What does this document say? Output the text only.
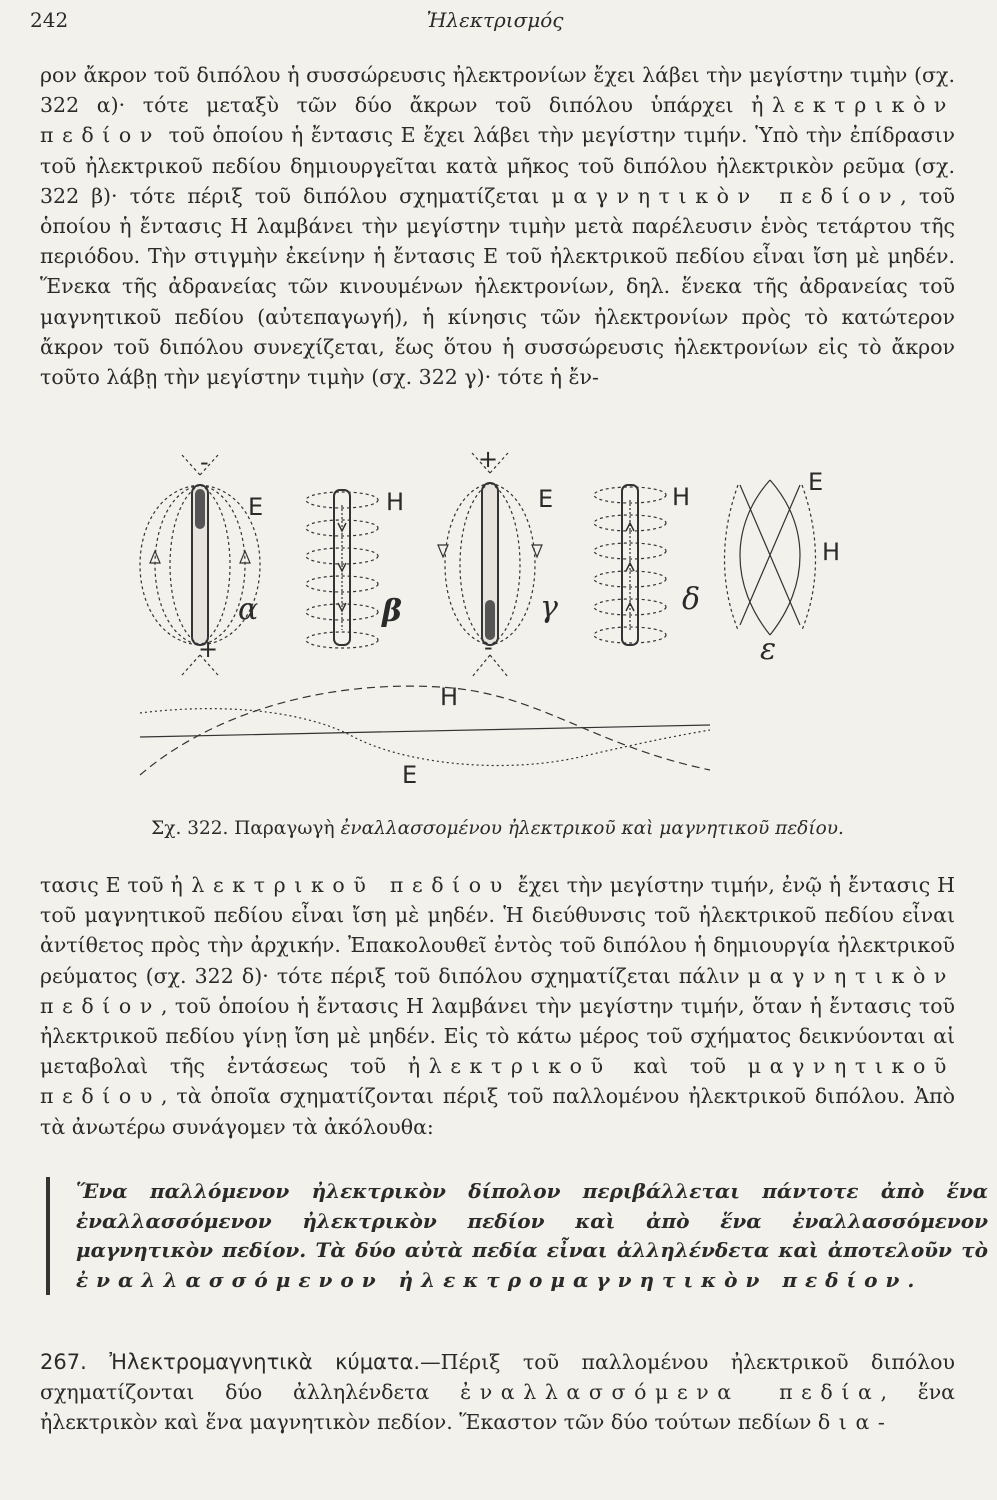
242	Ἠλεκτρισμός

ρον ἄκρον τοῦ διπόλου ἡ συσσώρευσις ἠλεκτρονίων ἔχει λάβει τὴν μεγίστην τιμὴν (σχ. 322 α)· τότε μεταξὺ τῶν δύο ἄκρων τοῦ διπόλου ὑπάρχει ἠλεκτρικὸν πεδίον τοῦ ὁποίου ἡ ἔντασις Ε ἔχει λάβει τὴν μεγίστην τιμήν. Ὑπὸ τὴν ἐπίδρασιν τοῦ ἠλεκτρικοῦ πεδίου δημιουργεῖται κατὰ μῆκος τοῦ διπόλου ἠλεκτρικὸν ρεῦμα (σχ. 322 β)· τότε πέριξ τοῦ διπόλου σχηματίζεται μαγνητικὸν πεδίον, τοῦ ὁποίου ἡ ἔντασις Η λαμβάνει τὴν μεγίστην τιμὴν μετὰ παρέλευσιν ἑνὸς τετάρτου τῆς περιόδου. Τὴν στιγμὴν ἐκείνην ἡ ἔντασις Ε τοῦ ἠλεκτρικοῦ πεδίου εἶναι ἴση μὲ μηδέν. Ἕνεκα τῆς ἀδρανείας τῶν κινουμένων ἠλεκτρονίων, δηλ. ἕνεκα τῆς ἀδρανείας τοῦ μαγνητικοῦ πεδίου (αὐτεπαγωγή), ἡ κίνησις τῶν ἠλεκτρονίων πρὸς τὸ κατώτερον ἄκρον τοῦ διπόλου συνεχίζεται, ἕως ὅτου ἡ συσσώρευσις ἠλεκτρονίων εἰς τὸ ἄκρον τοῦτο λάβῃ τὴν μεγίστην τιμὴν (σχ. 322 γ)· τότε ἡ ἔν-

-
+
Ε
α
Η
β
+
-
Ε
γ
Η
δ
Ε
Η
ε
Η
Ε
Σχ. 322. Παραγωγὴ ἐναλλασσομένου ἠλεκτρικοῦ καὶ μαγνητικοῦ πεδίου.

τασις Ε τοῦ ἠλεκτρικοῦ πεδίου ἔχει τὴν μεγίστην τιμήν, ἐνῷ ἡ ἔντασις Η τοῦ μαγνητικοῦ πεδίου εἶναι ἴση μὲ μηδέν. Ἡ διεύθυνσις τοῦ ἠλεκτρικοῦ πεδίου εἶναι ἀντίθετος πρὸς τὴν ἀρχικήν. Ἐπακολουθεῖ ἐντὸς τοῦ διπόλου ἡ δημιουργία ἠλεκτρικοῦ ρεύματος (σχ. 322 δ)· τότε πέριξ τοῦ διπόλου σχηματίζεται πάλιν μαγνητικὸν πεδίον, τοῦ ὁποίου ἡ ἔντασις Η λαμβάνει τὴν μεγίστην τιμήν, ὅταν ἡ ἔντασις τοῦ ἠλεκτρικοῦ πεδίου γίνῃ ἴση μὲ μηδέν. Εἰς τὸ κάτω μέρος τοῦ σχήματος δεικνύονται αἱ μεταβολαὶ τῆς ἐντάσεως τοῦ ἠλεκτρικοῦ καὶ τοῦ μαγνητικοῦ πεδίου, τὰ ὁποῖα σχηματίζονται πέριξ τοῦ παλλομένου ἠλεκτρικοῦ διπόλου. Ἀπὸ τὰ ἀνωτέρω συνάγομεν τὰ ἀκόλουθα:

Ἕνα παλλόμενον ἠλεκτρικὸν δίπολον περιβάλλεται πάντοτε ἀπὸ ἕνα ἐναλλασσόμενον ἠλεκτρικὸν πεδίον καὶ ἀπὸ ἕνα ἐναλλασσόμενον μαγνητικὸν πεδίον. Τὰ δύο αὐτὰ πεδία εἶναι ἀλληλένδετα καὶ ἀποτελοῦν τὸ ἐναλλασσόμενον ἠλεκτρομαγνητικὸν πεδίον.

267. Ἠλεκτρομαγνητικὰ κύματα.—Πέριξ τοῦ παλλομένου ἠλεκτρικοῦ διπόλου σχηματίζονται δύο ἀλληλένδετα ἐναλλασσόμενα πεδία, ἕνα ἠλεκτρικὸν καὶ ἕνα μαγνητικὸν πεδίον. Ἕκαστον τῶν δύο τούτων πεδίων δια-
